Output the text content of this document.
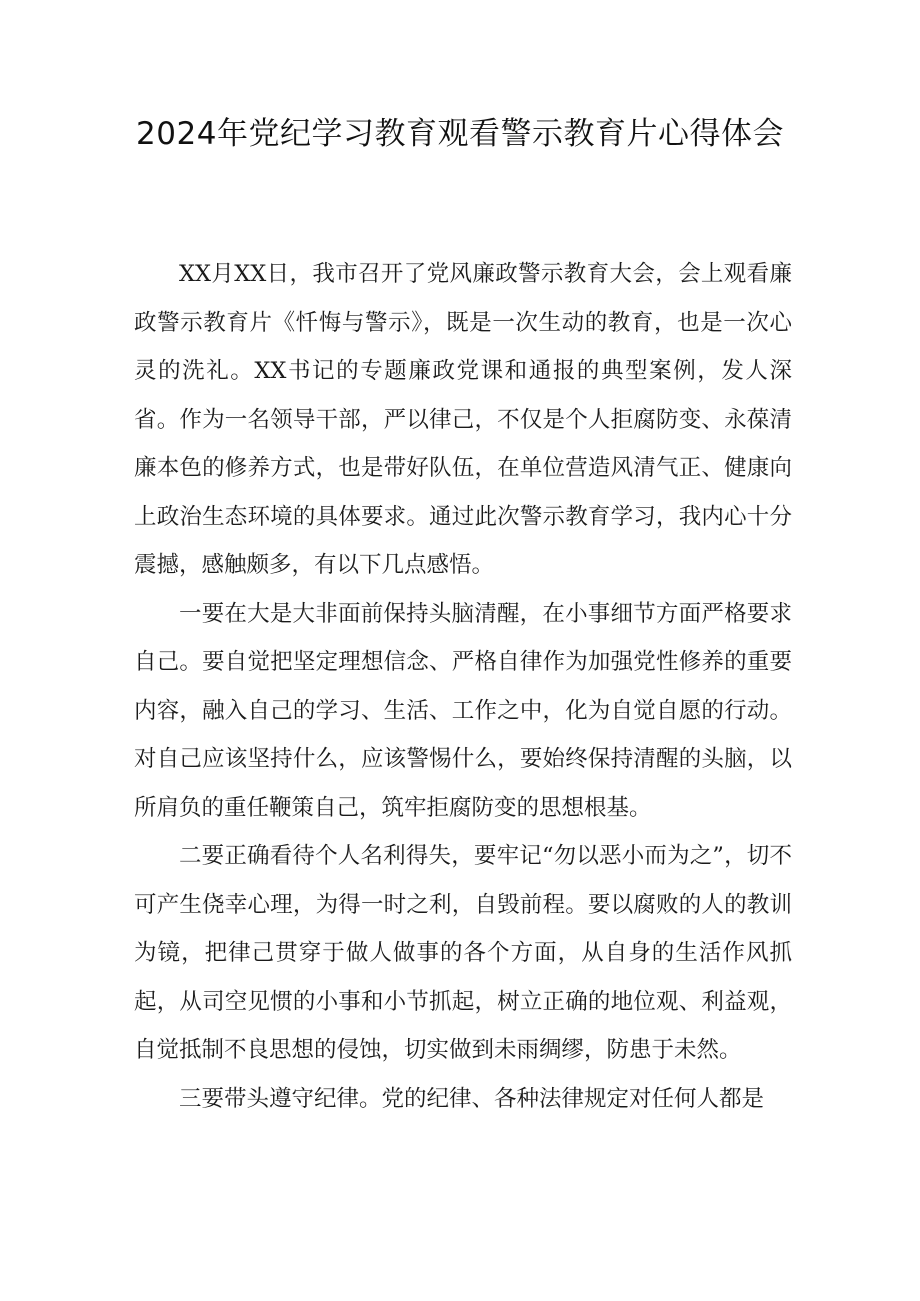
2024年党纪学习教育观看警示教育片心得体会

XX月XX日，我市召开了党风廉政警示教育大会，会上观看廉政警示教育片《忏悔与警示》，既是一次生动的教育，也是一次心灵的洗礼。XX书记的专题廉政党课和通报的典型案例，发人深省。作为一名领导干部，严以律己，不仅是个人拒腐防变、永葆清廉本色的修养方式，也是带好队伍，在单位营造风清气正、健康向上政治生态环境的具体要求。通过此次警示教育学习，我内心十分震撼，感触颇多，有以下几点感悟。

一要在大是大非面前保持头脑清醒，在小事细节方面严格要求自己。要自觉把坚定理想信念、严格自律作为加强党性修养的重要内容，融入自己的学习、生活、工作之中，化为自觉自愿的行动。对自己应该坚持什么，应该警惕什么，要始终保持清醒的头脑，以所肩负的重任鞭策自己，筑牢拒腐防变的思想根基。

二要正确看待个人名利得失，要牢记“勿以恶小而为之”，切不可产生侥幸心理，为得一时之利，自毁前程。要以腐败的人的教训为镜，把律己贯穿于做人做事的各个方面，从自身的生活作风抓起，从司空见惯的小事和小节抓起，树立正确的地位观、利益观，自觉抵制不良思想的侵蚀，切实做到未雨绸缪，防患于未然。

三要带头遵守纪律。党的纪律、各种法律规定对任何人都是
